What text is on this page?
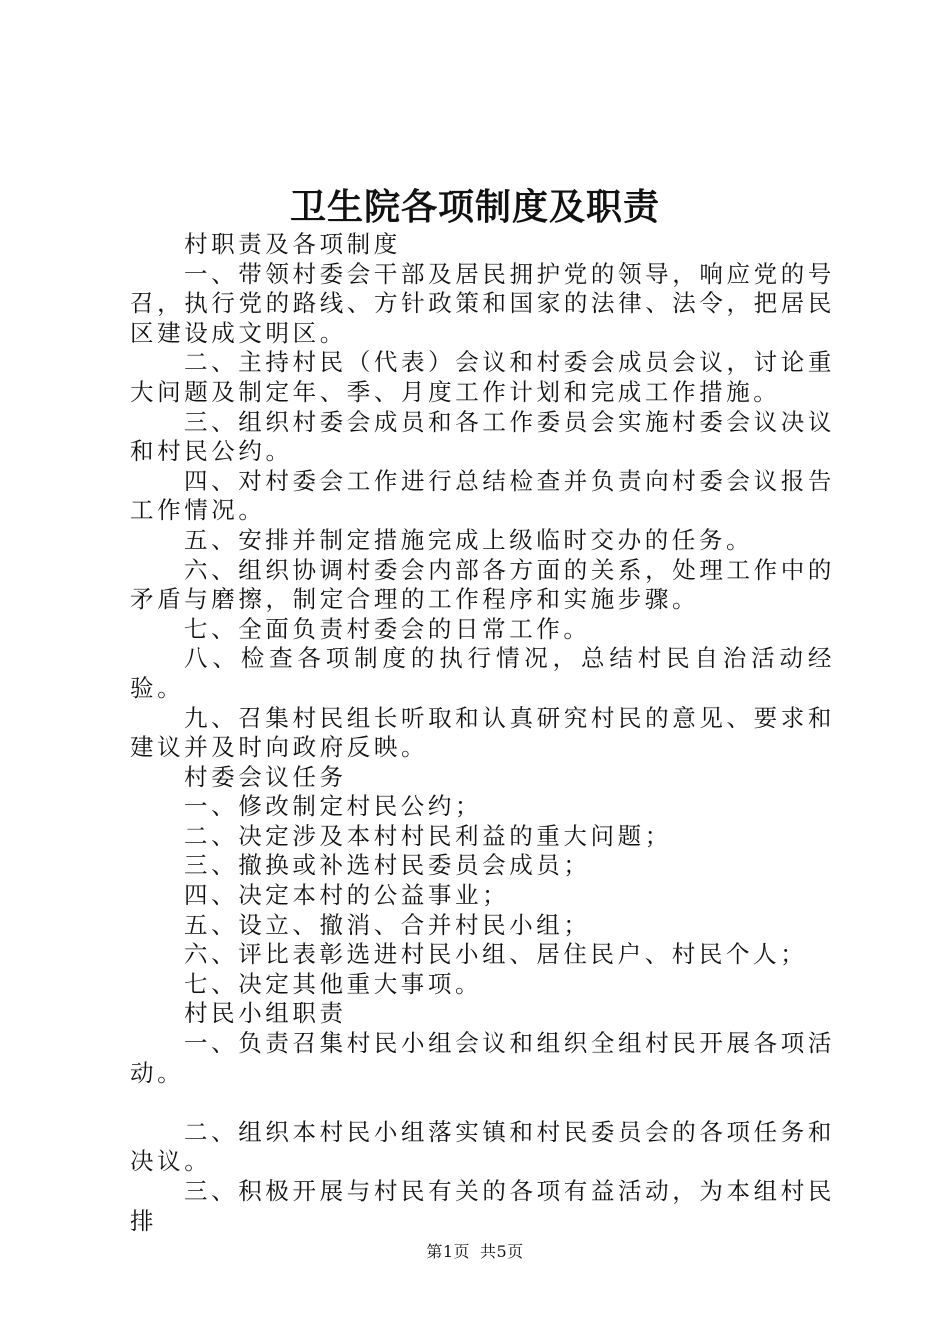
卫生院各项制度及职责

村职责及各项制度

一、带领村委会干部及居民拥护党的领导，响应党的号召，执行党的路线、方针政策和国家的法律、法令，把居民区建设成文明区。

二、主持村民（代表）会议和村委会成员会议，讨论重大问题及制定年、季、月度工作计划和完成工作措施。

三、组织村委会成员和各工作委员会实施村委会议决议和村民公约。

四、对村委会工作进行总结检查并负责向村委会议报告工作情况。

五、安排并制定措施完成上级临时交办的任务。

六、组织协调村委会内部各方面的关系，处理工作中的矛盾与磨擦，制定合理的工作程序和实施步骤。

七、全面负责村委会的日常工作。

八、检查各项制度的执行情况，总结村民自治活动经验。

九、召集村民组长听取和认真研究村民的意见、要求和建议并及时向政府反映。

村委会议任务

一、修改制定村民公约；

二、决定涉及本村村民利益的重大问题；

三、撤换或补选村民委员会成员；

四、决定本村的公益事业；

五、设立、撤消、合并村民小组；

六、评比表彰选进村民小组、居住民户、村民个人；

七、决定其他重大事项。

村民小组职责

一、负责召集村民小组会议和组织全组村民开展各项活动。

二、组织本村民小组落实镇和村民委员会的各项任务和决议。

三、积极开展与村民有关的各项有益活动，为本组村民排

第1页 共5页
